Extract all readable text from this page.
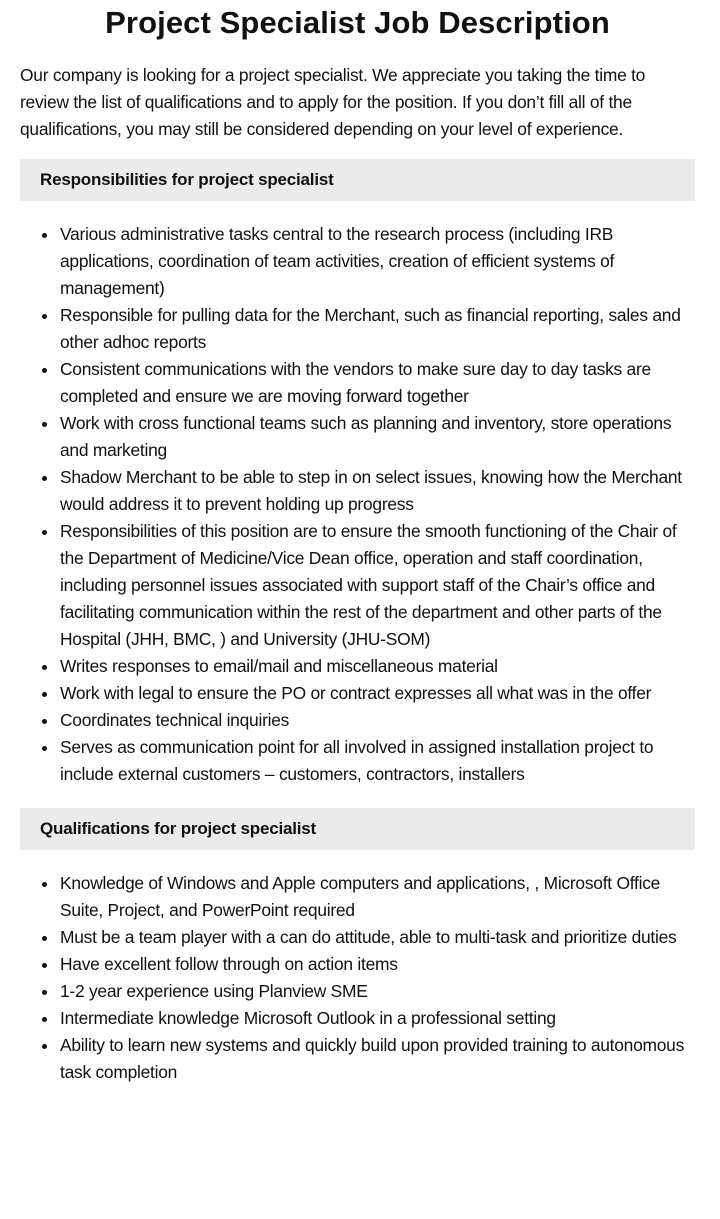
Project Specialist Job Description

Our company is looking for a project specialist. We appreciate you taking the time to review the list of qualifications and to apply for the position. If you don’t fill all of the qualifications, you may still be considered depending on your level of experience.

Responsibilities for project specialist
Various administrative tasks central to the research process (including IRB applications, coordination of team activities, creation of efficient systems of management)
Responsible for pulling data for the Merchant, such as financial reporting, sales and other adhoc reports
Consistent communications with the vendors to make sure day to day tasks are completed and ensure we are moving forward together
Work with cross functional teams such as planning and inventory, store operations and marketing
Shadow Merchant to be able to step in on select issues, knowing how the Merchant would address it to prevent holding up progress
Responsibilities of this position are to ensure the smooth functioning of the Chair of the Department of Medicine/Vice Dean office, operation and staff coordination, including personnel issues associated with support staff of the Chair’s office and facilitating communication within the rest of the department and other parts of the Hospital (JHH, BMC, ) and University (JHU-SOM)
Writes responses to email/mail and miscellaneous material
Work with legal to ensure the PO or contract expresses all what was in the offer
Coordinates technical inquiries
Serves as communication point for all involved in assigned installation project to include external customers – customers, contractors, installers
Qualifications for project specialist
Knowledge of Windows and Apple computers and applications, , Microsoft Office Suite, Project, and PowerPoint required
Must be a team player with a can do attitude, able to multi-task and prioritize duties
Have excellent follow through on action items
1-2 year experience using Planview SME
Intermediate knowledge Microsoft Outlook in a professional setting
Ability to learn new systems and quickly build upon provided training to autonomous task completion
